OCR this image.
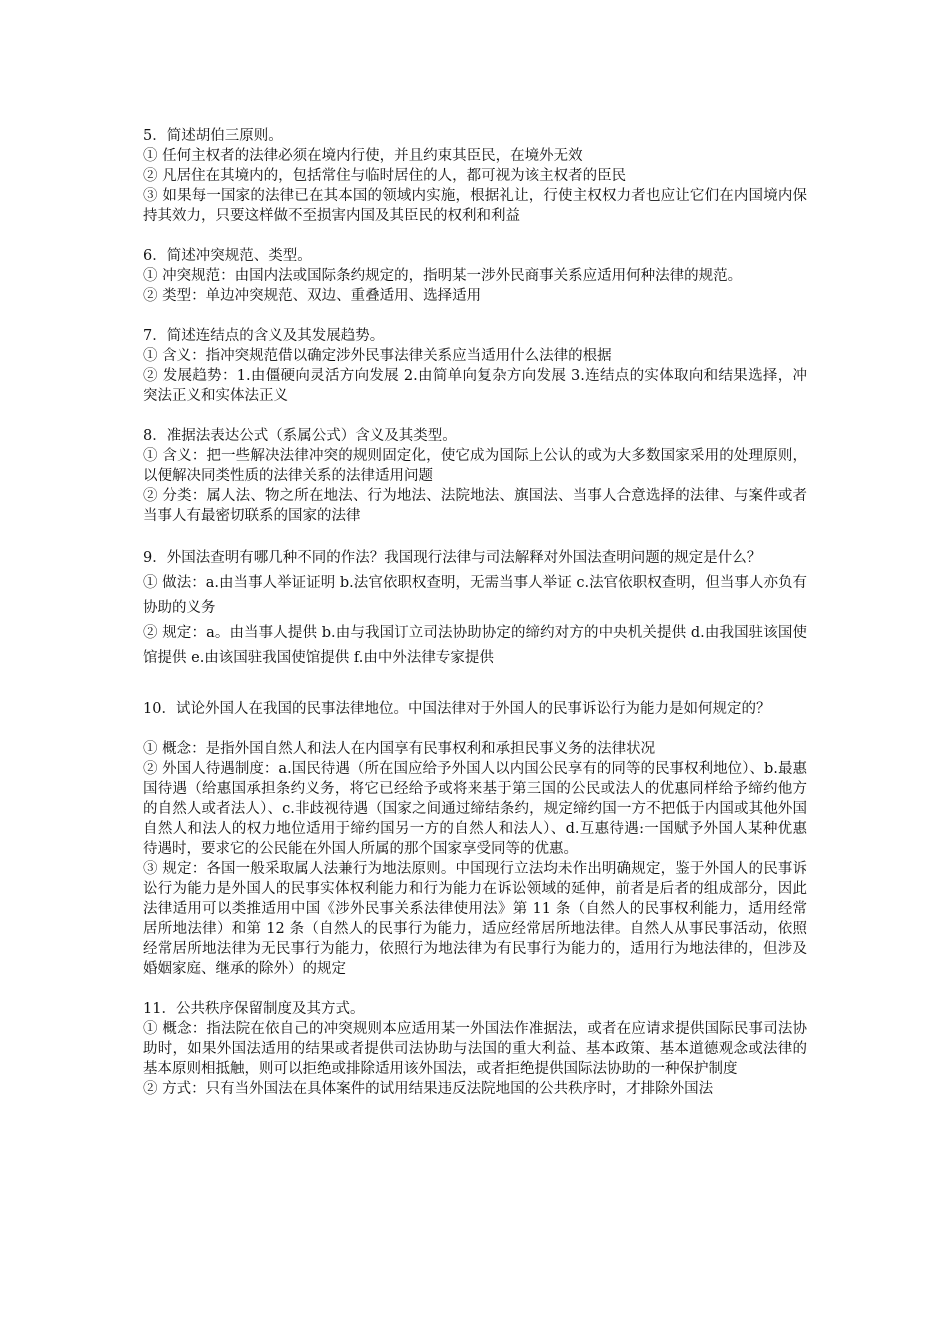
5．简述胡伯三原则。

① 任何主权者的法律必须在境内行使，并且约束其臣民，在境外无效

② 凡居住在其境内的，包括常住与临时居住的人，都可视为该主权者的臣民

③ 如果每一国家的法律已在其本国的领域内实施，根据礼让，行使主权权力者也应让它们在内国境内保持其效力，只要这样做不至损害内国及其臣民的权利和利益

6．简述冲突规范、类型。

① 冲突规范：由国内法或国际条约规定的，指明某一涉外民商事关系应适用何种法律的规范。

② 类型：单边冲突规范、双边、重叠适用、选择适用

7．简述连结点的含义及其发展趋势。

① 含义：指冲突规范借以确定涉外民事法律关系应当适用什么法律的根据

② 发展趋势：1.由僵硬向灵活方向发展 2.由简单向复杂方向发展 3.连结点的实体取向和结果选择，冲突法正义和实体法正义

8．准据法表达公式（系属公式）含义及其类型。

① 含义：把一些解决法律冲突的规则固定化，使它成为国际上公认的或为大多数国家采用的处理原则，以便解决同类性质的法律关系的法律适用问题

② 分类：属人法、物之所在地法、行为地法、法院地法、旗国法、当事人合意选择的法律、与案件或者当事人有最密切联系的国家的法律

9．外国法查明有哪几种不同的作法？我国现行法律与司法解释对外国法查明问题的规定是什么？

① 做法：a.由当事人举证证明 b.法官依职权查明，无需当事人举证 c.法官依职权查明，但当事人亦负有协助的义务

② 规定：a。由当事人提供 b.由与我国订立司法协助协定的缔约对方的中央机关提供 d.由我国驻该国使馆提供 e.由该国驻我国使馆提供 f.由中外法律专家提供

10．试论外国人在我国的民事法律地位。中国法律对于外国人的民事诉讼行为能力是如何规定的？

① 概念：是指外国自然人和法人在内国享有民事权利和承担民事义务的法律状况

② 外国人待遇制度：a.国民待遇（所在国应给予外国人以内国公民享有的同等的民事权利地位）、b.最惠国待遇（给惠国承担条约义务，将它已经给予或将来基于第三国的公民或法人的优惠同样给予缔约他方的自然人或者法人）、c.非歧视待遇（国家之间通过缔结条约，规定缔约国一方不把低于内国或其他外国自然人和法人的权力地位适用于缔约国另一方的自然人和法人）、d.互惠待遇:一国赋予外国人某种优惠待遇时，要求它的公民能在外国人所属的那个国家享受同等的优惠。

③ 规定：各国一般采取属人法兼行为地法原则。中国现行立法均未作出明确规定，鉴于外国人的民事诉讼行为能力是外国人的民事实体权利能力和行为能力在诉讼领域的延伸，前者是后者的组成部分，因此法律适用可以类推适用中国《涉外民事关系法律使用法》第 11 条（自然人的民事权利能力，适用经常居所地法律）和第 12 条（自然人的民事行为能力，适应经常居所地法律。自然人从事民事活动，依照经常居所地法律为无民事行为能力，依照行为地法律为有民事行为能力的，适用行为地法律的，但涉及婚姻家庭、继承的除外）的规定

11．公共秩序保留制度及其方式。

① 概念：指法院在依自己的冲突规则本应适用某一外国法作准据法，或者在应请求提供国际民事司法协助时，如果外国法适用的结果或者提供司法协助与法国的重大利益、基本政策、基本道德观念或法律的基本原则相抵触，则可以拒绝或排除适用该外国法，或者拒绝提供国际法协助的一种保护制度

② 方式：只有当外国法在具体案件的试用结果违反法院地国的公共秩序时，才排除外国法
